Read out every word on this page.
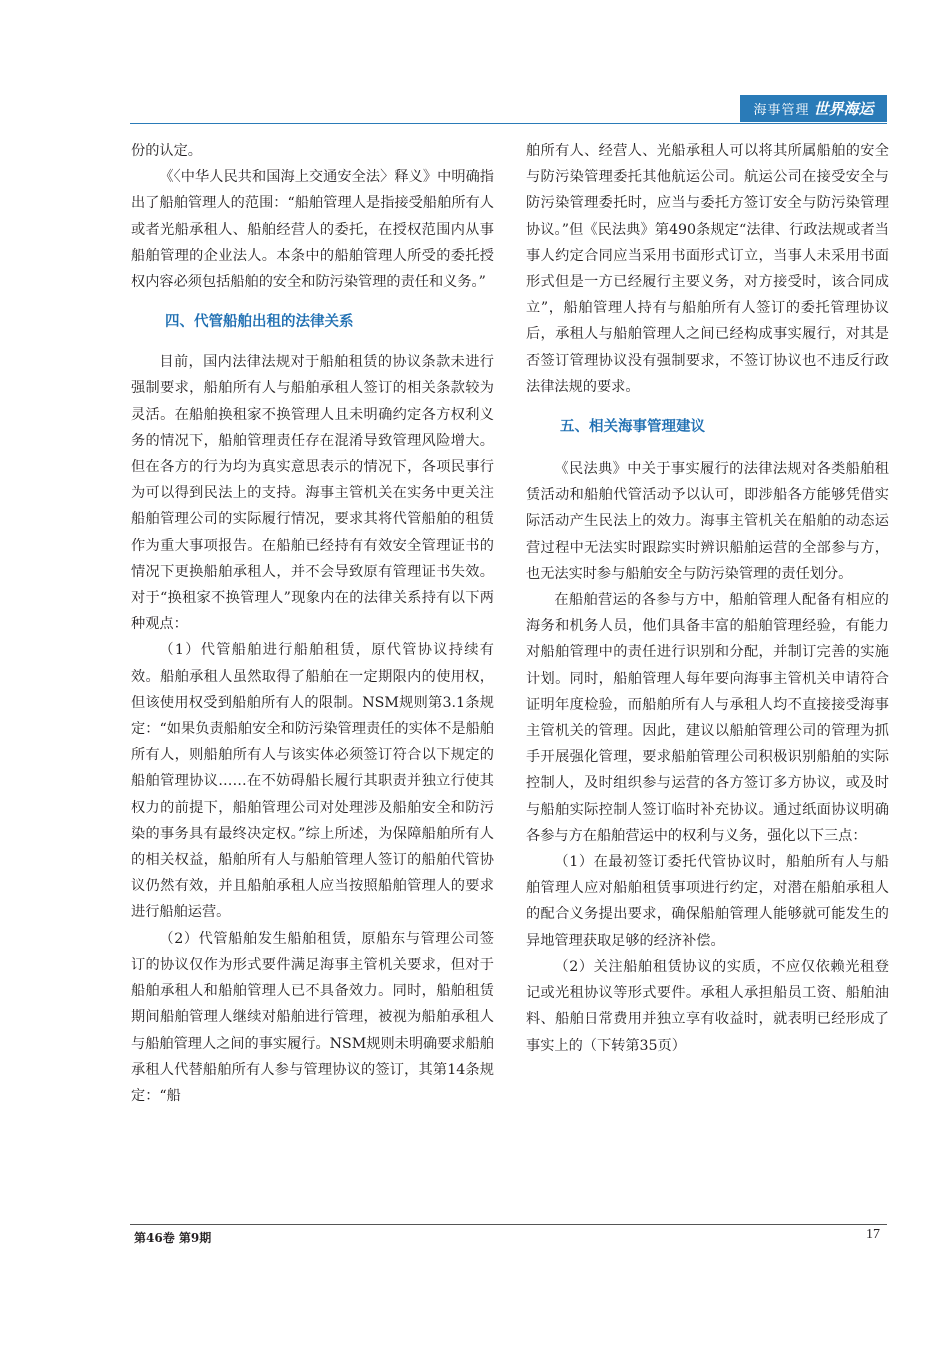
海事管理 世界海运

份的认定。

《〈中华人民共和国海上交通安全法〉释义》中明确指出了船舶管理人的范围：“船舶管理人是指接受船舶所有人或者光船承租人、船舶经营人的委托，在授权范围内从事船舶管理的企业法人。本条中的船舶管理人所受的委托授权内容必须包括船舶的安全和防污染管理的责任和义务。”

四、代管船舶出租的法律关系

目前，国内法律法规对于船舶租赁的协议条款未进行强制要求，船舶所有人与船舶承租人签订的相关条款较为灵活。在船舶换租家不换管理人且未明确约定各方权利义务的情况下，船舶管理责任存在混淆导致管理风险增大。但在各方的行为均为真实意思表示的情况下，各项民事行为可以得到民法上的支持。海事主管机关在实务中更关注船舶管理公司的实际履行情况，要求其将代管船舶的租赁作为重大事项报告。在船舶已经持有有效安全管理证书的情况下更换船舶承租人，并不会导致原有管理证书失效。对于“换租家不换管理人”现象内在的法律关系持有以下两种观点：

（1）代管船舶进行船舶租赁，原代管协议持续有效。船舶承租人虽然取得了船舶在一定期限内的使用权，但该使用权受到船舶所有人的限制。NSM规则第3.1条规定：“如果负责船舶安全和防污染管理责任的实体不是船舶所有人，则船舶所有人与该实体必须签订符合以下规定的船舶管理协议……在不妨碍船长履行其职责并独立行使其权力的前提下，船舶管理公司对处理涉及船舶安全和防污染的事务具有最终决定权。”综上所述，为保障船舶所有人的相关权益，船舶所有人与船舶管理人签订的船舶代管协议仍然有效，并且船舶承租人应当按照船舶管理人的要求进行船舶运营。

（2）代管船舶发生船舶租赁，原船东与管理公司签订的协议仅作为形式要件满足海事主管机关要求，但对于船舶承租人和船舶管理人已不具备效力。同时，船舶租赁期间船舶管理人继续对船舶进行管理，被视为船舶承租人与船舶管理人之间的事实履行。NSM规则未明确要求船舶承租人代替船舶所有人参与管理协议的签订，其第14条规定：“船

舶所有人、经营人、光船承租人可以将其所属船舶的安全与防污染管理委托其他航运公司。航运公司在接受安全与防污染管理委托时，应当与委托方签订安全与防污染管理协议。”但《民法典》第490条规定“法律、行政法规或者当事人约定合同应当采用书面形式订立，当事人未采用书面形式但是一方已经履行主要义务，对方接受时，该合同成立”，船舶管理人持有与船舶所有人签订的委托管理协议后，承租人与船舶管理人之间已经构成事实履行，对其是否签订管理协议没有强制要求，不签订协议也不违反行政法律法规的要求。

五、相关海事管理建议

《民法典》中关于事实履行的法律法规对各类船舶租赁活动和船舶代管活动予以认可，即涉船各方能够凭借实际活动产生民法上的效力。海事主管机关在船舶的动态运营过程中无法实时跟踪实时辨识船舶运营的全部参与方，也无法实时参与船舶安全与防污染管理的责任划分。

在船舶营运的各参与方中，船舶管理人配备有相应的海务和机务人员，他们具备丰富的船舶管理经验，有能力对船舶管理中的责任进行识别和分配，并制订完善的实施计划。同时，船舶管理人每年要向海事主管机关申请符合证明年度检验，而船舶所有人与承租人均不直接接受海事主管机关的管理。因此，建议以船舶管理公司的管理为抓手开展强化管理，要求船舶管理公司积极识别船舶的实际控制人，及时组织参与运营的各方签订多方协议，或及时与船舶实际控制人签订临时补充协议。通过纸面协议明确各参与方在船舶营运中的权利与义务，强化以下三点：

（1）在最初签订委托代管协议时，船舶所有人与船舶管理人应对船舶租赁事项进行约定，对潜在船舶承租人的配合义务提出要求，确保船舶管理人能够就可能发生的异地管理获取足够的经济补偿。

（2）关注船舶租赁协议的实质，不应仅依赖光租登记或光租协议等形式要件。承租人承担船员工资、船舶油料、船舶日常费用并独立享有收益时，就表明已经形成了事实上的（下转第35页）

第46卷 第9期	17
